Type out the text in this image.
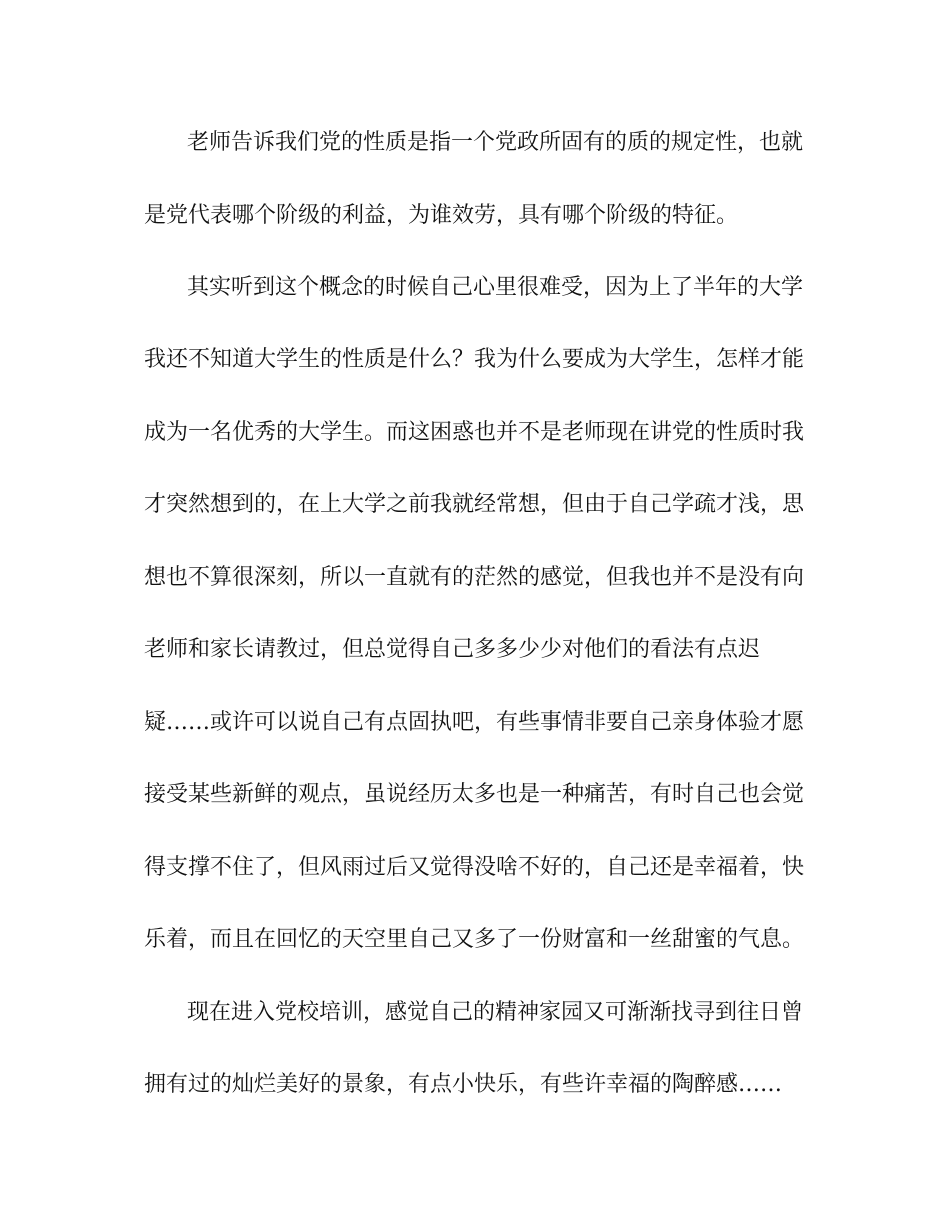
老师告诉我们党的性质是指一个党政所固有的质的规定性，也就

是党代表哪个阶级的利益，为谁效劳，具有哪个阶级的特征。

其实听到这个概念的时候自己心里很难受，因为上了半年的大学

我还不知道大学生的性质是什么？我为什么要成为大学生，怎样才能

成为一名优秀的大学生。而这困惑也并不是老师现在讲党的性质时我

才突然想到的，在上大学之前我就经常想，但由于自己学疏才浅，思

想也不算很深刻，所以一直就有的茫然的感觉，但我也并不是没有向

老师和家长请教过，但总觉得自己多多少少对他们的看法有点迟

疑……或许可以说自己有点固执吧，有些事情非要自己亲身体验才愿

接受某些新鲜的观点，虽说经历太多也是一种痛苦，有时自己也会觉

得支撑不住了，但风雨过后又觉得没啥不好的，自己还是幸福着，快

乐着，而且在回忆的天空里自己又多了一份财富和一丝甜蜜的气息。

现在进入党校培训，感觉自己的精神家园又可渐渐找寻到往日曾

拥有过的灿烂美好的景象，有点小快乐，有些许幸福的陶醉感……
